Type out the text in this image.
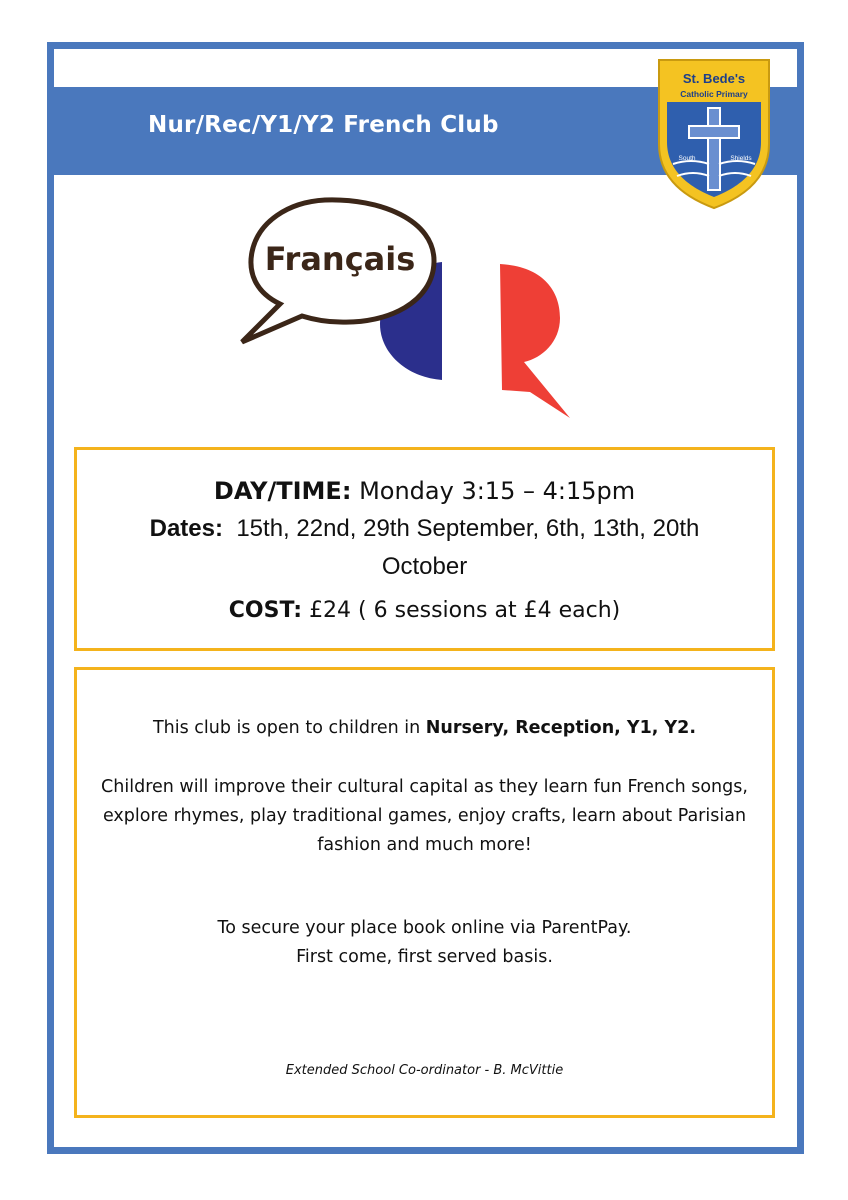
Nur/Rec/Y1/Y2 French Club
St. Bede's
Catholic Primary
South	Shields
Français
DAY/TIME: Monday 3:15 – 4:15pm
Dates: 15th, 22nd, 29th September, 6th, 13th, 20th
October
COST: £24 ( 6 sessions at £4 each)
This club is open to children in Nursery, Reception, Y1, Y2.
Children will improve their cultural capital as they learn fun French songs,
explore rhymes, play traditional games, enjoy crafts, learn about Parisian
fashion and much more!
To secure your place book online via ParentPay.
First come, first served basis.
Extended School Co-ordinator - B. McVittie
